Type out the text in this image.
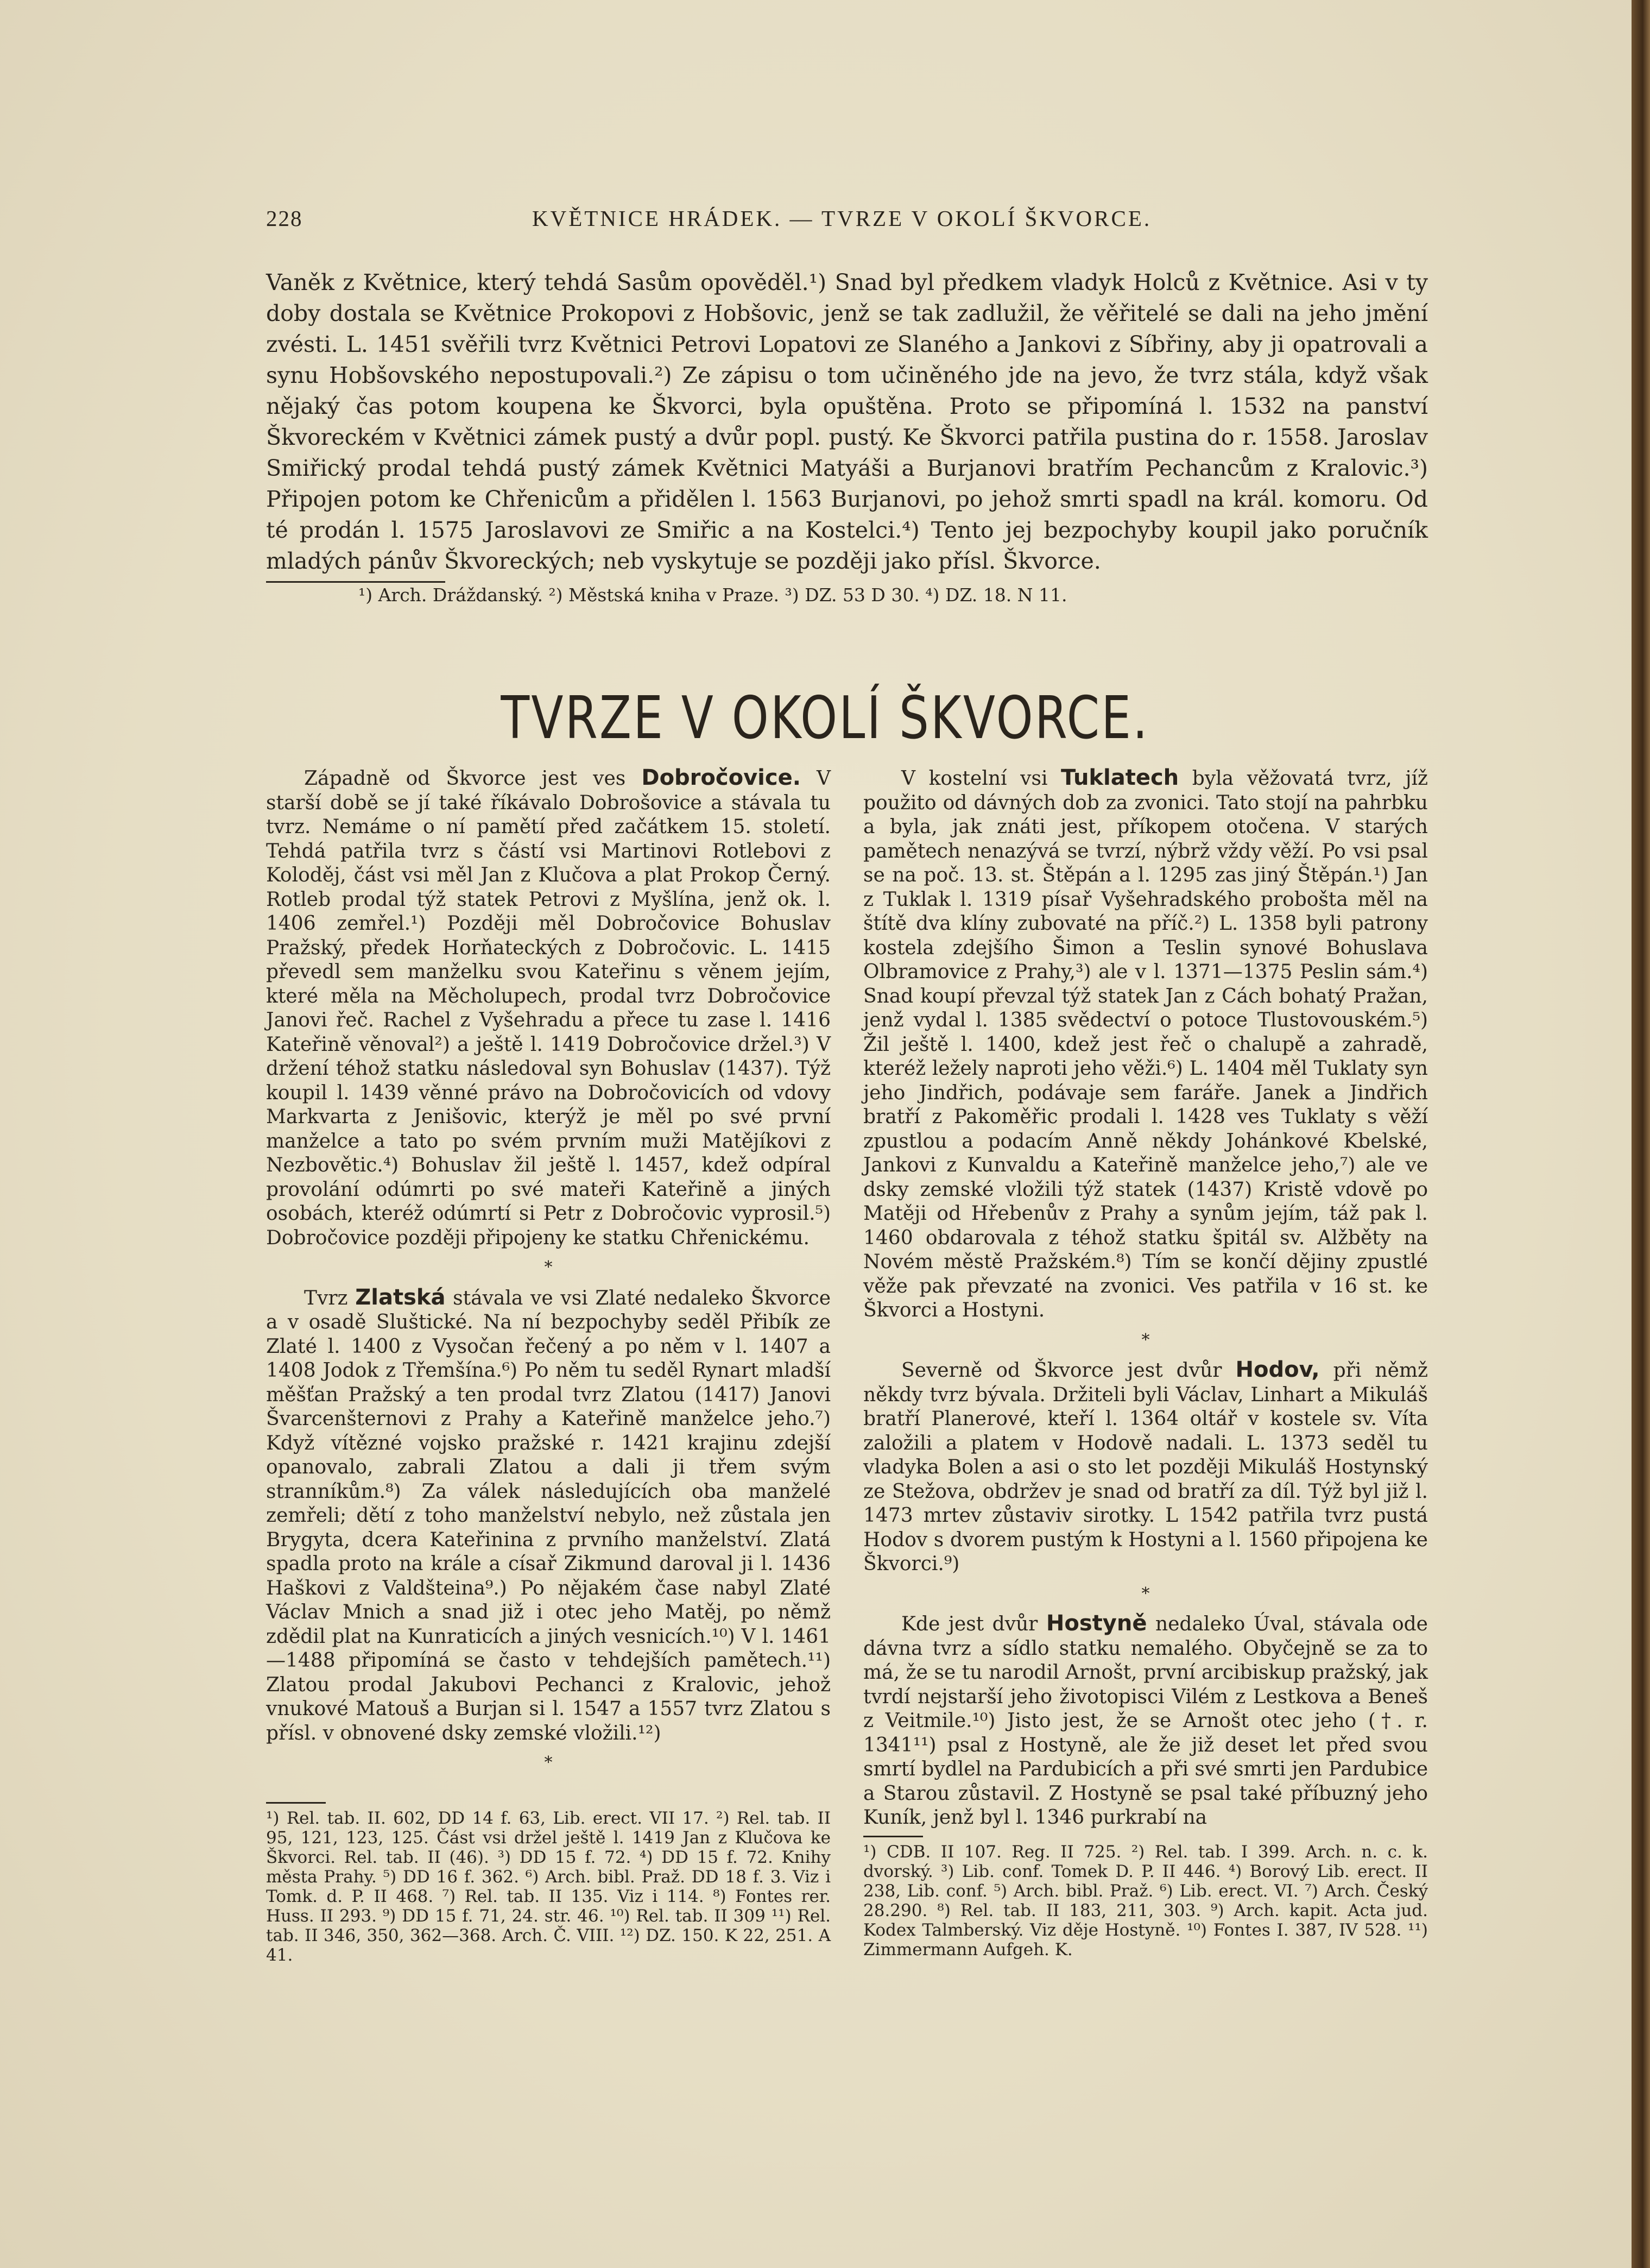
228	KVĚTNICE HRÁDEK. — TVRZE V OKOLÍ ŠKVORCE.

Vaněk z Květnice, který tehdá Sasům opověděl.¹) Snad byl předkem vladyk Holců z Květnice. Asi v ty doby dostala se Květnice Prokopovi z Hobšovic, jenž se tak zadlužil, že věřitelé se dali na jeho jmění zvésti. L. 1451 svěřili tvrz Květnici Petrovi Lopatovi ze Slaného a Jankovi z Síbřiny, aby ji opatrovali a synu Hobšovského nepostupovali.²) Ze zápisu o tom učiněného jde na jevo, že tvrz stála, když však nějaký čas potom koupena ke Škvorci, byla opuštěna. Proto se připomíná l. 1532 na panství Škvoreckém v Květnici zámek pustý a dvůr popl. pustý. Ke Škvorci patřila pustina do r. 1558. Jaroslav Smiřický prodal tehdá pustý zámek Květnici Matyáši a Burjanovi bratřím Pechancům z Kralovic.³) Připojen potom ke Chřenicům a přidělen l. 1563 Burjanovi, po jehož smrti spadl na král. komoru. Od té prodán l. 1575 Jaroslavovi ze Smiřic a na Kostelci.⁴) Tento jej bezpochyby koupil jako poručník mladých pánův Škvoreckých; neb vyskytuje se později jako přísl. Škvorce.

¹) Arch. Dráždanský. ²) Městská kniha v Praze. ³) DZ. 53 D 30. ⁴) DZ. 18. N 11.
TVRZE V OKOLÍ ŠKVORCE.

Západně od Škvorce jest ves Dobročovice. V starší době se jí také říkávalo Dobrošovice a stávala tu tvrz. Nemáme o ní pamětí před začátkem 15. století. Tehdá patřila tvrz s částí vsi Martinovi Rotlebovi z Koloděj, část vsi měl Jan z Klučova a plat Prokop Černý. Rotleb prodal týž statek Petrovi z Myšlína, jenž ok. l. 1406 zemřel.¹) Později měl Dobročovice Bohuslav Pražský, předek Horňateckých z Dobročovic. L. 1415 převedl sem manželku svou Kateřinu s věnem jejím, které měla na Měcholupech, prodal tvrz Dobročovice Janovi řeč. Rachel z Vyšehradu a přece tu zase l. 1416 Kateřině věnoval²) a ještě l. 1419 Dobročovice držel.³) V držení téhož statku následoval syn Bohuslav (1437). Týž koupil l. 1439 věnné právo na Dobročovicích od vdovy Markvarta z Jenišovic, kterýž je měl po své první manželce a tato po svém prvním muži Matějíkovi z Nezbovětic.⁴) Bohuslav žil ještě l. 1457, kdež odpíral provolání odúmrti po své mateři Kateřině a jiných osobách, kteréž odúmrtí si Petr z Dobročovic vyprosil.⁵) Dobročovice později připojeny ke statku Chřenickému.

*

Tvrz Zlatská stávala ve vsi Zlaté nedaleko Škvorce a v osadě Sluštické. Na ní bezpochyby seděl Přibík ze Zlaté l. 1400 z Vysočan řečený a po něm v l. 1407 a 1408 Jodok z Třemšína.⁶) Po něm tu seděl Rynart mladší měšťan Pražský a ten prodal tvrz Zlatou (1417) Janovi Švarcenšternovi z Prahy a Kateřině manželce jeho.⁷) Když vítězné vojsko pražské r. 1421 krajinu zdejší opanovalo, zabrali Zlatou a dali ji třem svým stranníkům.⁸) Za válek následujících oba manželé zemřeli; dětí z toho manželství nebylo, než zůstala jen Brygyta, dcera Kateřinina z prvního manželství. Zlatá spadla proto na krále a císař Zikmund daroval ji l. 1436 Haškovi z Valdšteina⁹.) Po nějakém čase nabyl Zlaté Václav Mnich a snad již i otec jeho Matěj, po němž zdědil plat na Kunraticích a jiných vesnicích.¹⁰) V l. 1461—1488 připomíná se často v tehdejších pamětech.¹¹) Zlatou prodal Jakubovi Pechanci z Kralovic, jehož vnukové Matouš a Burjan si l. 1547 a 1557 tvrz Zlatou s přísl. v obnovené dsky zemské vložili.¹²)

*

¹) Rel. tab. II. 602, DD 14 f. 63, Lib. erect. VII 17. ²) Rel. tab. II 95, 121, 123, 125. Část vsi držel ještě l. 1419 Jan z Klučova ke Škvorci. Rel. tab. II (46). ³) DD 15 f. 72. ⁴) DD 15 f. 72. Knihy města Prahy. ⁵) DD 16 f. 362. ⁶) Arch. bibl. Praž. DD 18 f. 3. Viz i Tomk. d. P. II 468. ⁷) Rel. tab. II 135. Viz i 114. ⁸) Fontes rer. Huss. II 293. ⁹) DD 15 f. 71, 24. str. 46. ¹⁰) Rel. tab. II 309 ¹¹) Rel. tab. II 346, 350, 362—368. Arch. Č. VIII. ¹²) DZ. 150. K 22, 251. A 41.

V kostelní vsi Tuklatech byla věžovatá tvrz, jíž použito od dávných dob za zvonici. Tato stojí na pahrbku a byla, jak znáti jest, příkopem otočena. V starých pamětech nenazývá se tvrzí, nýbrž vždy věží. Po vsi psal se na poč. 13. st. Štěpán a l. 1295 zas jiný Štěpán.¹) Jan z Tuklak l. 1319 písař Vyšehradského probošta měl na štítě dva klíny zubovaté na příč.²) L. 1358 byli patrony kostela zdejšího Šimon a Teslin synové Bohuslava Olbramovice z Prahy,³) ale v l. 1371—1375 Peslin sám.⁴) Snad koupí převzal týž statek Jan z Cách bohatý Pražan, jenž vydal l. 1385 svědectví o potoce Tlustovouském.⁵) Žil ještě l. 1400, kdež jest řeč o chalupě a zahradě, kteréž ležely naproti jeho věži.⁶) L. 1404 měl Tuklaty syn jeho Jindřich, podávaje sem faráře. Janek a Jindřich bratří z Pakoměřic prodali l. 1428 ves Tuklaty s věží zpustlou a podacím Anně někdy Johánkové Kbelské, Jankovi z Kunvaldu a Kateřině manželce jeho,⁷) ale ve dsky zemské vložili týž statek (1437) Kristě vdově po Matěji od Hřebenův z Prahy a synům jejím, táž pak l. 1460 obdarovala z téhož statku špitál sv. Alžběty na Novém městě Pražském.⁸) Tím se končí dějiny zpustlé věže pak převzaté na zvonici. Ves patřila v 16 st. ke Škvorci a Hostyni.

*

Severně od Škvorce jest dvůr Hodov, při němž někdy tvrz bývala. Držiteli byli Václav, Linhart a Mikuláš bratří Planerové, kteří l. 1364 oltář v kostele sv. Víta založili a platem v Hodově nadali. L. 1373 seděl tu vladyka Bolen a asi o sto let později Mikuláš Hostynský ze Stežova, obdržev je snad od bratří za díl. Týž byl již l. 1473 mrtev zůstaviv sirotky. L 1542 patřila tvrz pustá Hodov s dvorem pustým k Hostyni a l. 1560 připojena ke Škvorci.⁹)

*

Kde jest dvůr Hostyně nedaleko Úval, stávala ode dávna tvrz a sídlo statku nemalého. Obyčejně se za to má, že se tu narodil Arnošt, první arcibiskup pražský, jak tvrdí nejstarší jeho životopisci Vilém z Lestkova a Beneš z Veitmile.¹⁰) Jisto jest, že se Arnošt otec jeho (†. r. 1341¹¹) psal z Hostyně, ale že již deset let před svou smrtí bydlel na Pardubicích a při své smrti jen Pardubice a Starou zůstavil. Z Hostyně se psal také příbuzný jeho Kuník, jenž byl l. 1346 purkrabí na

¹) CDB. II 107. Reg. II 725. ²) Rel. tab. I 399. Arch. n. c. k. dvorský. ³) Lib. conf. Tomek D. P. II 446. ⁴) Borový Lib. erect. II 238, Lib. conf. ⁵) Arch. bibl. Praž. ⁶) Lib. erect. VI. ⁷) Arch. Český 28.290. ⁸) Rel. tab. II 183, 211, 303. ⁹) Arch. kapit. Acta jud. Kodex Talmberský. Viz děje Hostyně. ¹⁰) Fontes I. 387, IV 528. ¹¹) Zimmermann Aufgeh. K.
